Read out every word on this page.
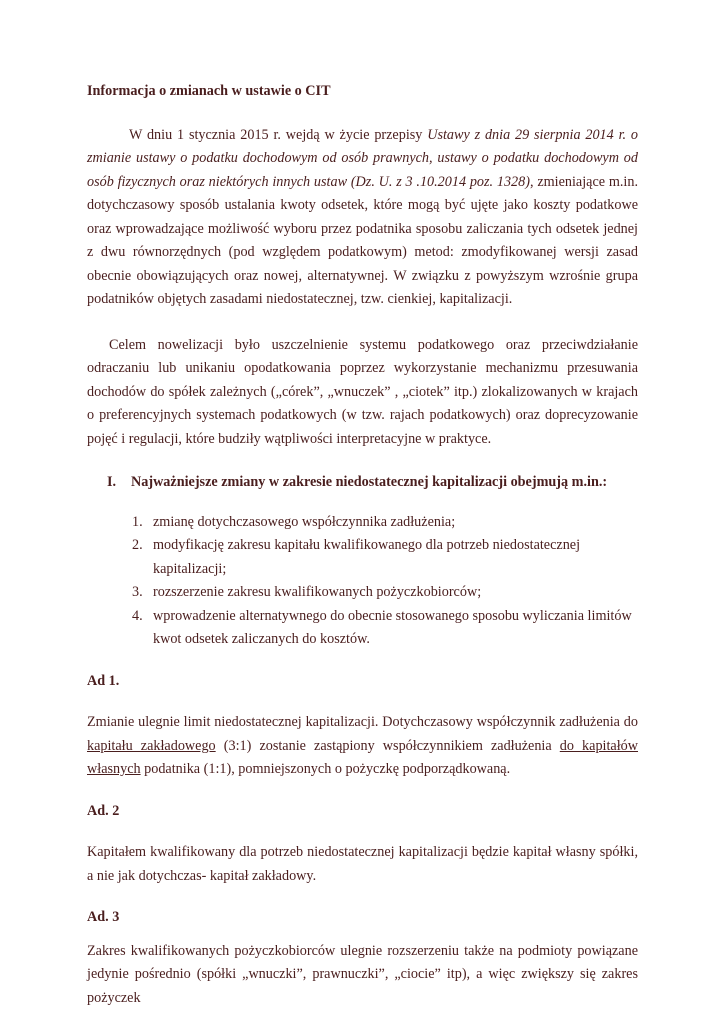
Informacja o zmianach w ustawie o CIT

W dniu 1 stycznia 2015 r. wejdą w życie przepisy Ustawy z dnia 29 sierpnia 2014 r. o zmianie ustawy o podatku dochodowym od osób prawnych, ustawy o podatku dochodowym od osób fizycznych oraz niektórych innych ustaw (Dz. U. z 3 .10.2014 poz. 1328), zmieniające m.in. dotychczasowy sposób ustalania kwoty odsetek, które mogą być ujęte jako koszty podatkowe oraz wprowadzające możliwość wyboru przez podatnika sposobu zaliczania tych odsetek jednej z dwu równorzędnych (pod względem podatkowym) metod: zmodyfikowanej wersji zasad obecnie obowiązujących oraz nowej, alternatywnej. W związku z powyższym wzrośnie grupa podatników objętych zasadami niedostatecznej, tzw. cienkiej, kapitalizacji.

Celem nowelizacji było uszczelnienie systemu podatkowego oraz przeciwdziałanie odraczaniu lub unikaniu opodatkowania poprzez wykorzystanie mechanizmu przesuwania dochodów do spółek zależnych („córek”, „wnuczek” , „ciotek” itp.) zlokalizowanych w krajach o preferencyjnych systemach podatkowych (w tzw. rajach podatkowych) oraz doprecyzowanie pojęć i regulacji, które budziły wątpliwości interpretacyjne w praktyce.

I. Najważniejsze zmiany w zakresie niedostatecznej kapitalizacji obejmują m.in.:
1. zmianę dotychczasowego współczynnika zadłużenia;
2. modyfikację zakresu kapitału kwalifikowanego dla potrzeb niedostatecznej kapitalizacji;
3. rozszerzenie zakresu kwalifikowanych pożyczkobiorców;
4. wprowadzenie alternatywnego do obecnie stosowanego sposobu wyliczania limitów kwot odsetek zaliczanych do kosztów.
Ad 1.

Zmianie ulegnie limit niedostatecznej kapitalizacji. Dotychczasowy współczynnik zadłużenia do kapitału zakładowego (3:1) zostanie zastąpiony współczynnikiem zadłużenia do kapitałów własnych podatnika (1:1), pomniejszonych o pożyczkę podporządkowaną.

Ad. 2

Kapitałem kwalifikowany dla potrzeb niedostatecznej kapitalizacji będzie kapitał własny spółki, a nie jak dotychczas- kapitał zakładowy.

Ad. 3

Zakres kwalifikowanych pożyczkobiorców ulegnie rozszerzeniu także na podmioty powiązane jedynie pośrednio (spółki „wnuczki”, prawnuczki”, „ciocie” itp), a więc zwiększy się zakres pożyczek
